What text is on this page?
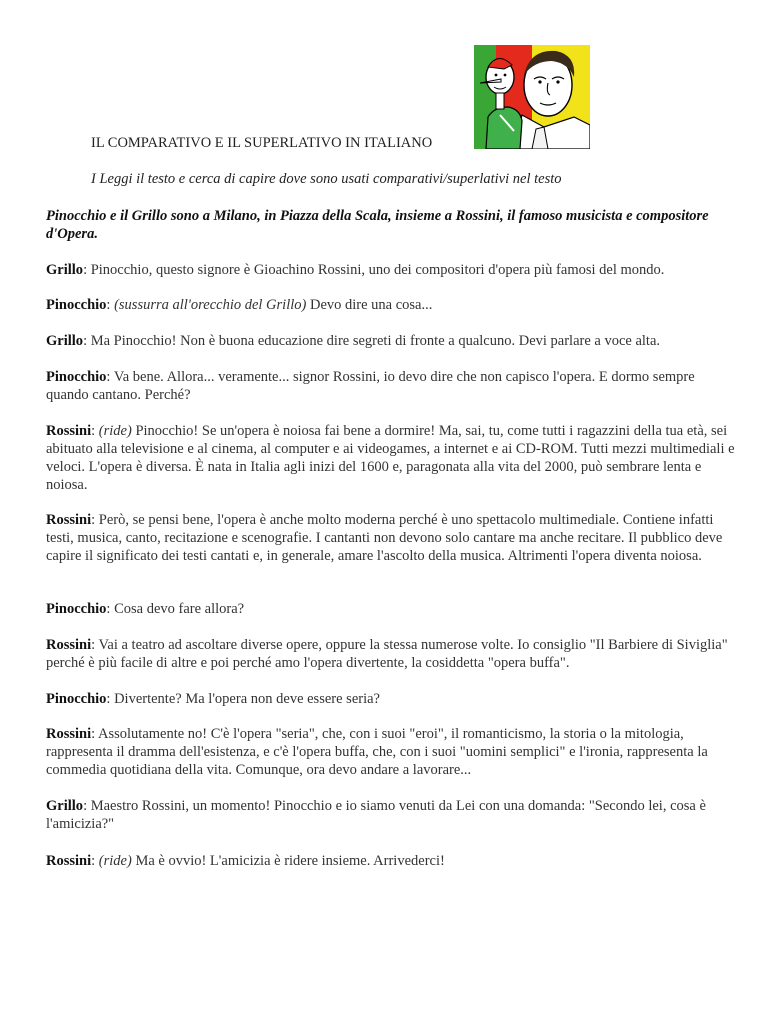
IL COMPARATIVO E IL SUPERLATIVO IN ITALIANO
I Leggi il testo e cerca di capire dove sono usati comparativi/superlativi nel testo
Pinocchio e il Grillo sono a Milano, in Piazza della Scala, insieme a Rossini, il famoso musicista e compositore d'Opera.
Grillo: Pinocchio, questo signore è Gioachino Rossini, uno dei compositori d'opera più famosi del mondo.
Pinocchio: (sussurra all'orecchio del Grillo) Devo dire una cosa...
Grillo: Ma Pinocchio! Non è buona educazione dire segreti di fronte a qualcuno. Devi parlare a voce alta.
Pinocchio: Va bene. Allora... veramente... signor Rossini, io devo dire che non capisco l'opera. E dormo sempre quando cantano. Perché?
Rossini: (ride) Pinocchio! Se un'opera è noiosa fai bene a dormire! Ma, sai, tu, come tutti i ragazzini della tua età, sei abituato alla televisione e al cinema, al computer e ai videogames, a internet e ai CD-ROM. Tutti mezzi multimediali e veloci. L'opera è diversa. È nata in Italia agli inizi del 1600 e, paragonata alla vita del 2000, può sembrare lenta e noiosa.
Rossini: Però, se pensi bene, l'opera è anche molto moderna perché è uno spettacolo multimediale. Contiene infatti testi, musica, canto, recitazione e scenografie. I cantanti non devono solo cantare ma anche recitare. Il pubblico deve capire il significato dei testi cantati e, in generale, amare l'ascolto della musica. Altrimenti l'opera diventa noiosa.
Pinocchio: Cosa devo fare allora?
Rossini: Vai a teatro ad ascoltare diverse opere, oppure la stessa numerose volte. Io consiglio "Il Barbiere di Siviglia" perché è più facile di altre e poi perché amo l'opera divertente, la cosiddetta "opera buffa".
Pinocchio: Divertente? Ma l'opera non deve essere seria?
Rossini: Assolutamente no! C'è l'opera "seria", che, con i suoi "eroi", il romanticismo, la storia o la mitologia, rappresenta il dramma dell'esistenza, e c'è l'opera buffa, che, con i suoi "uomini semplici" e l'ironia, rappresenta la commedia quotidiana della vita. Comunque, ora devo andare a lavorare...
Grillo: Maestro Rossini, un momento! Pinocchio e io siamo venuti da Lei con una domanda: "Secondo lei, cosa è l'amicizia?"
Rossini: (ride) Ma è ovvio! L'amicizia è ridere insieme. Arrivederci!
